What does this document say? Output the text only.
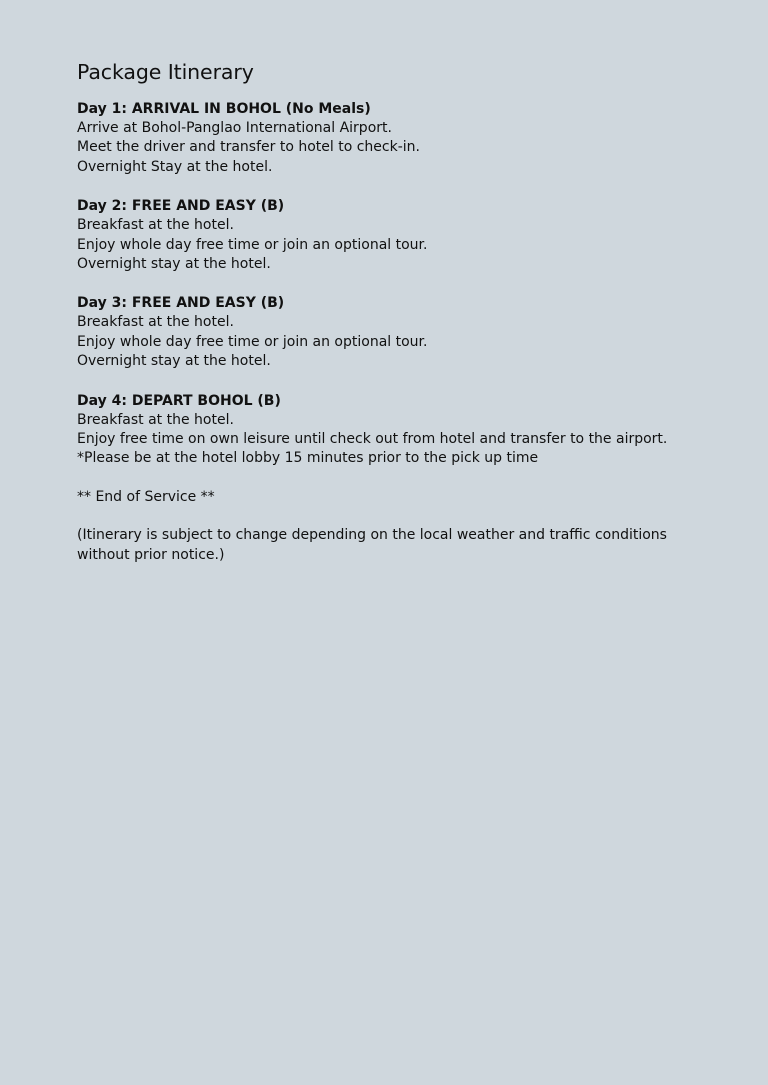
Package Itinerary

Day 1: ARRIVAL IN BOHOL (No Meals)

Arrive at Bohol-Panglao International Airport.

Meet the driver and transfer to hotel to check-in.

Overnight Stay at the hotel.

Day 2: FREE AND EASY (B)

Breakfast at the hotel.

Enjoy whole day free time or join an optional tour.

Overnight stay at the hotel.

Day 3: FREE AND EASY (B)

Breakfast at the hotel.

Enjoy whole day free time or join an optional tour.

Overnight stay at the hotel.

Day 4: DEPART BOHOL (B)

Breakfast at the hotel.

Enjoy free time on own leisure until check out from hotel and transfer to the airport.

*Please be at the hotel lobby 15 minutes prior to the pick up time

** End of Service **

(Itinerary is subject to change depending on the local weather and traffic conditions without prior notice.)
